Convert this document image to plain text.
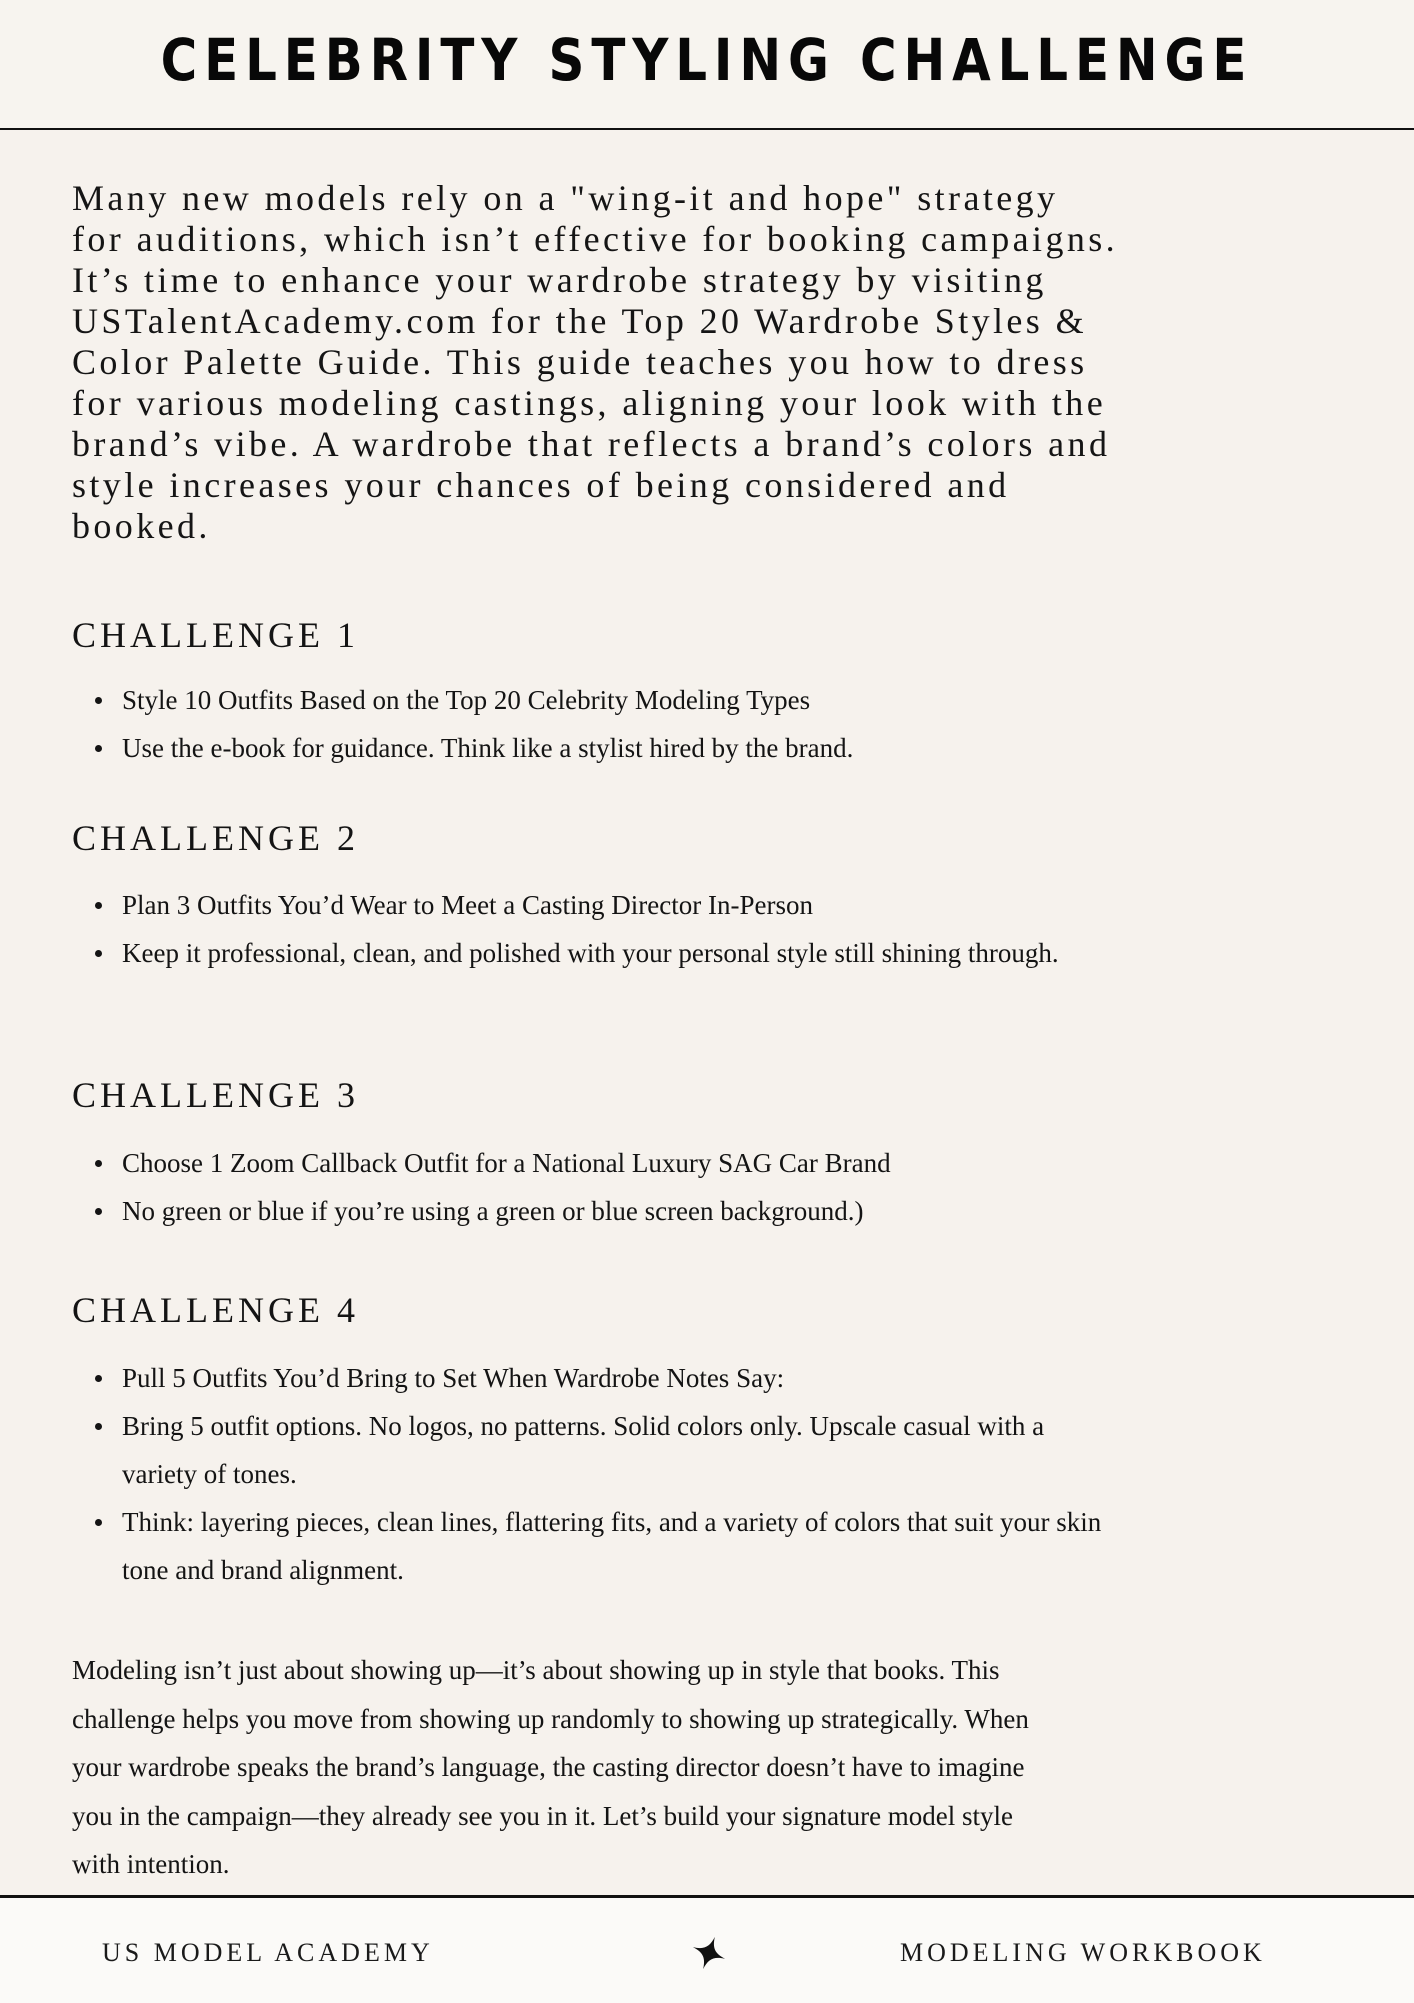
CELEBRITY STYLING CHALLENGE

Many new models rely on a "wing-it and hope" strategy
for auditions, which isn’t effective for booking campaigns.
It’s time to enhance your wardrobe strategy by visiting
USTalentAcademy.com for the Top 20 Wardrobe Styles &
Color Palette Guide. This guide teaches you how to dress
for various modeling castings, aligning your look with the
brand’s vibe. A wardrobe that reflects a brand’s colors and
style increases your chances of being considered and
booked.

CHALLENGE 1
Style 10 Outfits Based on the Top 20 Celebrity Modeling Types
Use the e-book for guidance. Think like a stylist hired by the brand.
CHALLENGE 2
Plan 3 Outfits You’d Wear to Meet a Casting Director In-Person
Keep it professional, clean, and polished with your personal style still shining through.
CHALLENGE 3
Choose 1 Zoom Callback Outfit for a National Luxury SAG Car Brand
No green or blue if you’re using a green or blue screen background.)
CHALLENGE 4
Pull 5 Outfits You’d Bring to Set When Wardrobe Notes Say:
Bring 5 outfit options. No logos, no patterns. Solid colors only. Upscale casual with a
variety of tones.
Think: layering pieces, clean lines, flattering fits, and a variety of colors that suit your skin
tone and brand alignment.

Modeling isn’t just about showing up—it’s about showing up in style that books. This
challenge helps you move from showing up randomly to showing up strategically. When
your wardrobe speaks the brand’s language, the casting director doesn’t have to imagine
you in the campaign—they already see you in it. Let’s build your signature model style
with intention.

US MODEL ACADEMY	MODELING WORKBOOK
